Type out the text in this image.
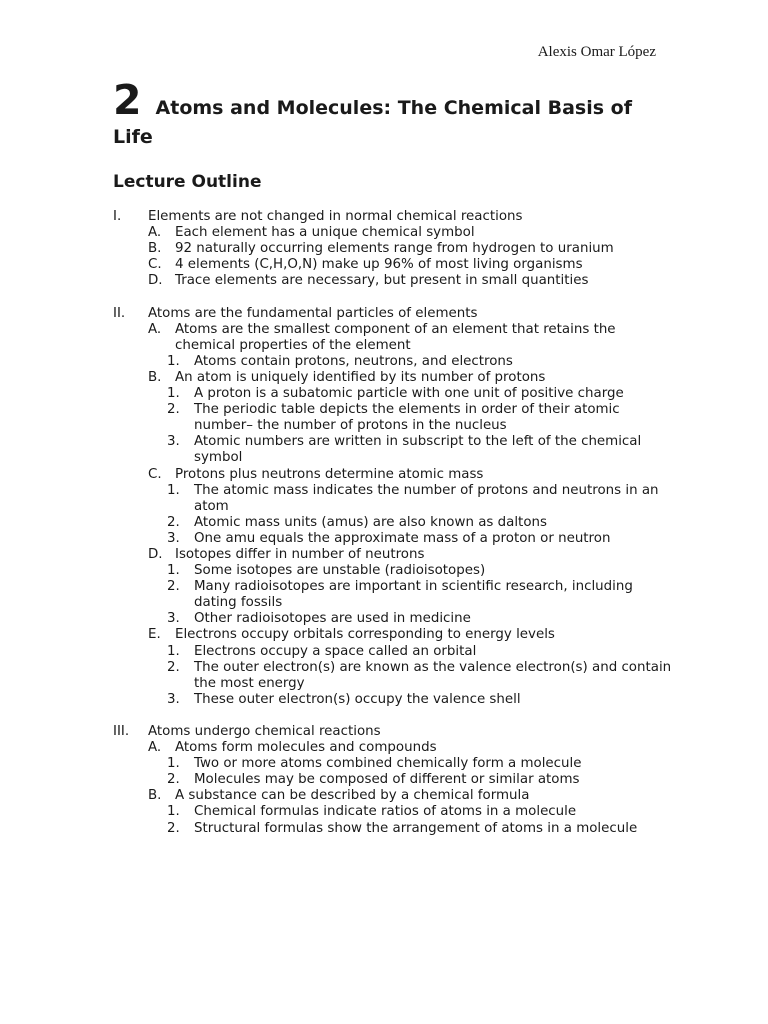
Alexis Omar López
2 Atoms and Molecules: The Chemical Basis of Life
Lecture Outline
I.	Elements are not changed in normal chemical reactions
A.	Each element has a unique chemical symbol
B.	92 naturally occurring elements range from hydrogen to uranium
C. 4 elements (C,H,O,N) make up 96% of most living organisms
D. Trace elements are necessary, but present in small quantities
II.	Atoms are the fundamental particles of elements
A.	Atoms are the smallest component of an element that retains the chemical properties of the element
1.	Atoms contain protons, neutrons, and electrons
B.	An atom is uniquely identified by its number of protons
1.	A proton is a subatomic particle with one unit of positive charge
2.	The periodic table depicts the elements in order of their atomic number– the number of protons in the nucleus
3.	Atomic numbers are written in subscript to the left of the chemical symbol
C. Protons plus neutrons determine atomic mass
1.	The atomic mass indicates the number of protons and neutrons in an atom
2.	Atomic mass units (amus) are also known as daltons
3.	One amu equals the approximate mass of a proton or neutron
D. Isotopes differ in number of neutrons
1.	Some isotopes are unstable (radioisotopes)
2.	Many radioisotopes are important in scientific research, including dating fossils
3.	Other radioisotopes are used in medicine
E.	Electrons occupy orbitals corresponding to energy levels
1.	Electrons occupy a space called an orbital
2.	The outer electron(s) are known as the valence electron(s) and contain the most energy
3.	These outer electron(s) occupy the valence shell
III.	Atoms undergo chemical reactions
A.	Atoms form molecules and compounds
1.	Two or more atoms combined chemically form a molecule
2.	Molecules may be composed of different or similar atoms
B.	A substance can be described by a chemical formula
1.	Chemical formulas indicate ratios of atoms in a molecule
2.	Structural formulas show the arrangement of atoms in a molecule
